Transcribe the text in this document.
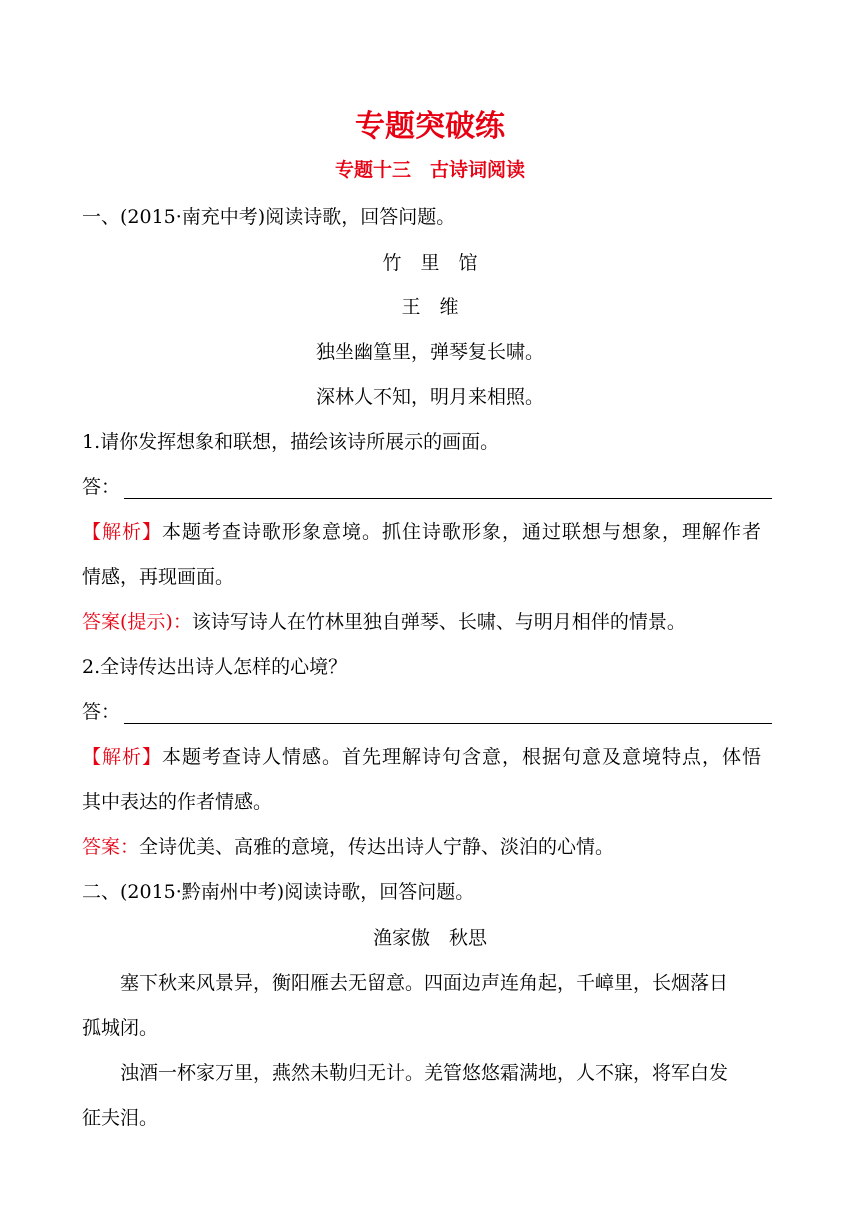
专题突破练
专题十三　古诗词阅读
一、(2015·南充中考)阅读诗歌，回答问题。
竹　里　馆
王　维
独坐幽篁里，弹琴复长啸。
深林人不知，明月来相照。
1.请你发挥想象和联想，描绘该诗所展示的画面。
答：
【解析】本题考查诗歌形象意境。抓住诗歌形象，通过联想与想象，理解作者
情感，再现画面。
答案(提示)：该诗写诗人在竹林里独自弹琴、长啸、与明月相伴的情景。
2.全诗传达出诗人怎样的心境？
答：
【解析】本题考查诗人情感。首先理解诗句含意，根据句意及意境特点，体悟
其中表达的作者情感。
答案：全诗优美、高雅的意境，传达出诗人宁静、淡泊的心情。
二、(2015·黔南州中考)阅读诗歌，回答问题。
渔家傲　秋思
塞下秋来风景异，衡阳雁去无留意。四面边声连角起，千嶂里，长烟落日
孤城闭。
浊酒一杯家万里，燕然未勒归无计。羌管悠悠霜满地，人不寐，将军白发
征夫泪。
